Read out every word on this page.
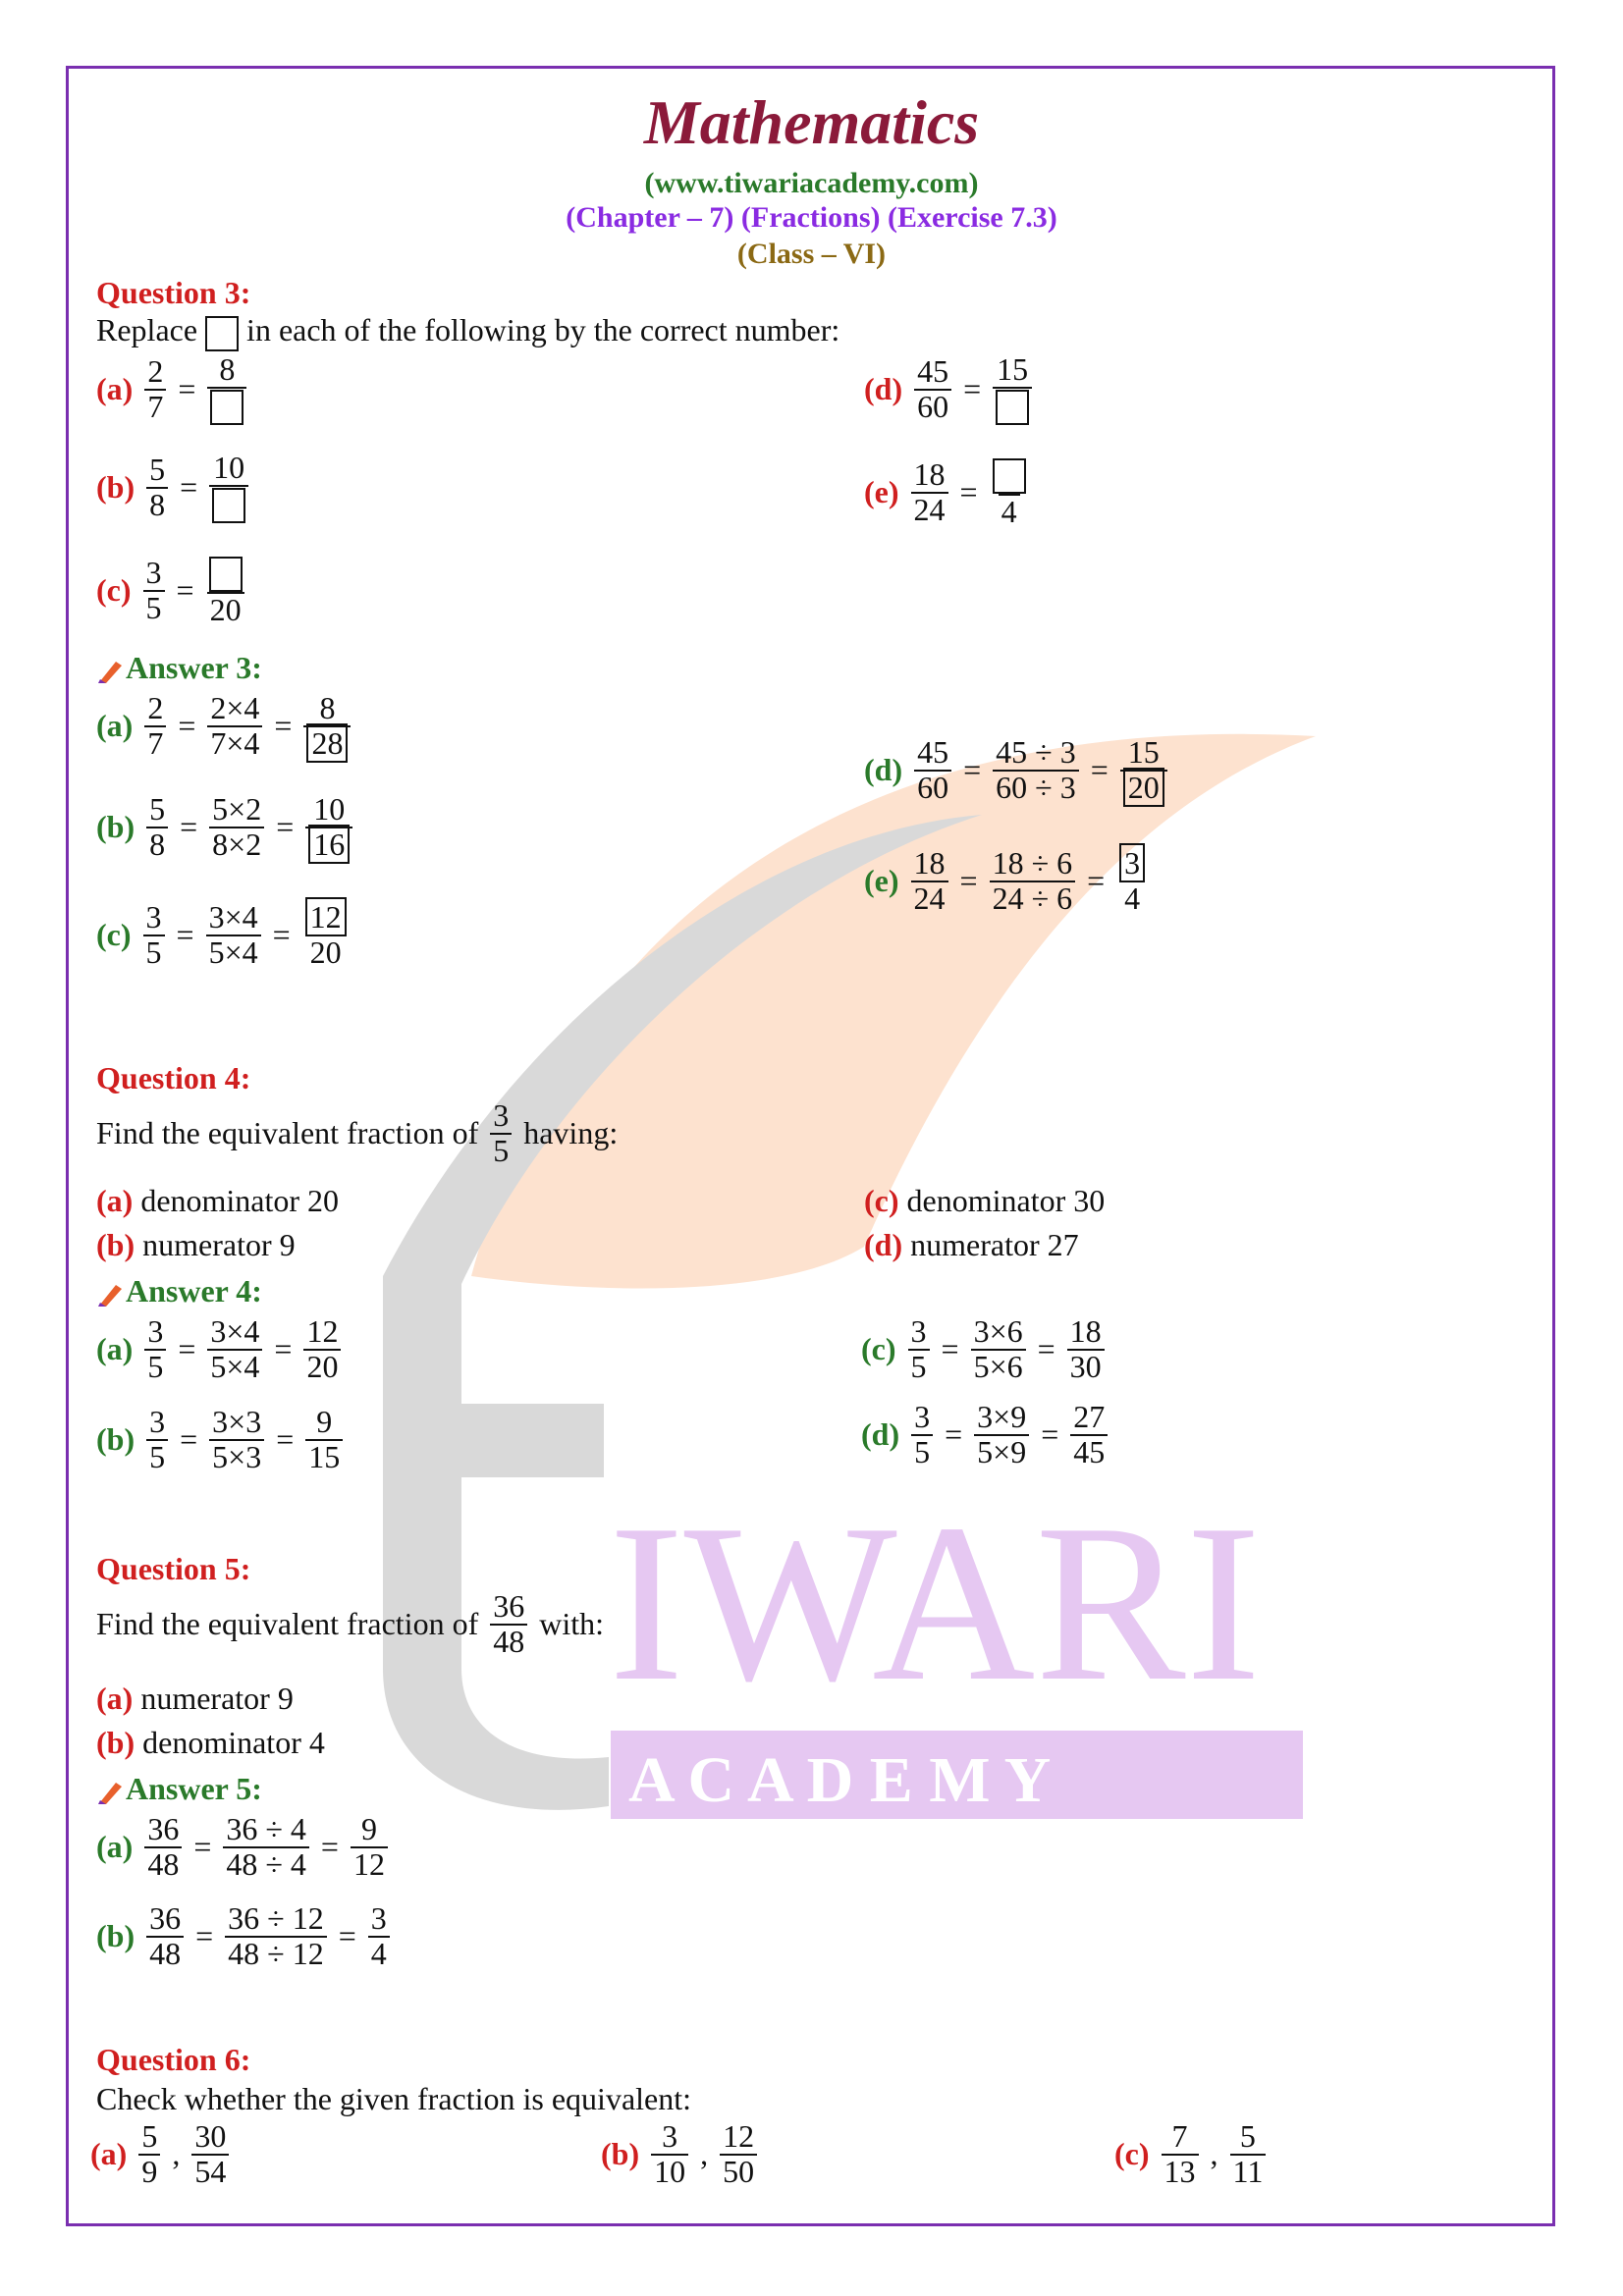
IWARI
A C A D E M Y
Mathematics
(www.tiwariacademy.com)
(Chapter – 7) (Fractions) (Exercise 7.3)
(Class – VI)
Question 3:
Replace in each of the following by the correct number:
$(a) \frac{2}{7}$ =
8
$(b) \frac{5}{8}$ =
10
$(c) \frac{3}{5}$ =
20
$(d) \frac{45}{60}$ =
15
$(e) \frac{18}{24}$ =
4
Answer 3:
$(a) \frac{2}{7} = \frac{2\times 4}{7\times 4} = \frac{8}{28}$
$(b) \frac{5}{8} = \frac{5\times 2}{8\times 2} = \frac{10}{16}$
$(c) \frac{3}{5} = \frac{3\times 4}{5\times 4} = \frac{12}{20}$
$(d) \frac{45}{60} = \frac{45 \div 3}{60 \div 3} = \frac{15}{20}$
$(e) \frac{18}{24} = \frac{18 \div 6}{24 \div 6} = \frac{3}{4}$
Question 4:
Find the equivalent fraction of $\frac{3}{5}$ having:
(a) denominator 20
(b) numerator 9
(c) denominator 30
(d) numerator 27
Answer 4:
$(a) \frac{3}{5} = \frac{3\times 4}{5\times 4} = \frac{12}{20}$
$(b) \frac{3}{5} = \frac{3\times 3}{5\times 3} = \frac{9}{15}$
$(c) \frac{3}{5} = \frac{3\times 6}{5\times 6} = \frac{18}{30}$
$(d) \frac{3}{5} = \frac{3\times 9}{5\times 9} = \frac{27}{45}$
Question 5:
Find the equivalent fraction of $\frac{36}{48}$ with:
(a) numerator 9
(b) denominator 4
Answer 5:
$(a) \frac{36}{48} = \frac{36 \div 4}{48 \div 4} = \frac{9}{12}$
$(b) \frac{36}{48} = \frac{36 \div 12}{48 \div 12} = \frac{3}{4}$
Question 6:
Check whether the given fraction is equivalent:
$(a) \frac{5}{9}$ , $\frac{30}{54}$	$(b) \frac{3}{10}$ , $\frac{12}{50}$	$(c) \frac{7}{13}$ , $\frac{5}{11}$
